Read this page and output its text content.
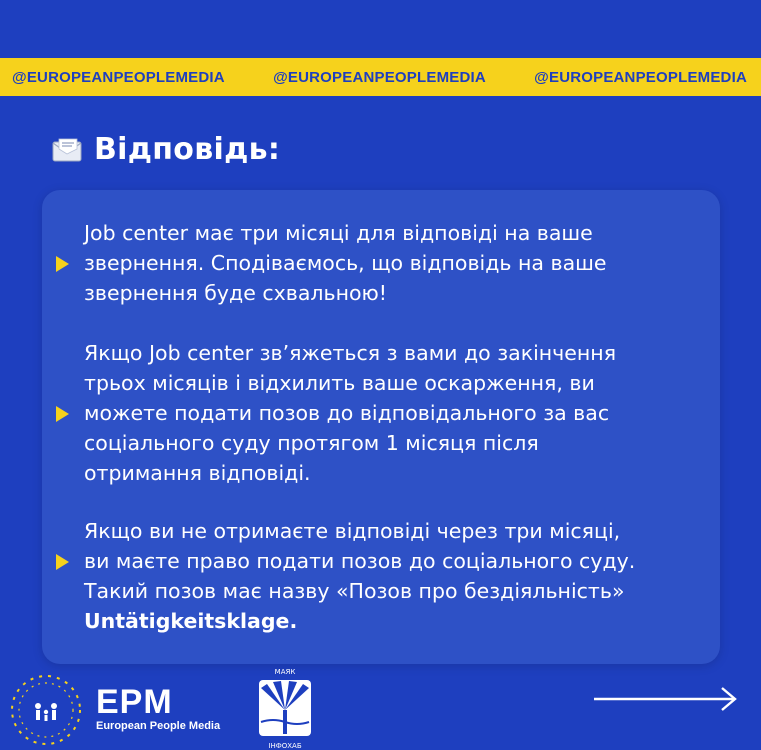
@EUROPEANPEOPLEMEDIA	@EUROPEANPEOPLEMEDIA	@EUROPEANPEOPLEMEDIA
Відповідь:

Job center має три місяці для відповіді на ваше
звернення. Сподіваємось, що відповідь на ваше
звернення буде схвальною!

Якщо Job center зв’яжеться з вами до закінчення
трьох місяців і відхилить ваше оскарження, ви
можете подати позов до відповідального за вас
соціального суду протягом 1 місяця після
отримання відповіді.

Якщо ви не отримаєте відповіді через три місяці,
ви маєте право подати позов до соціального суду.
Такий позов має назву «Позов про бездіяльність»
Untätigkeitsklage.

EPM
European People Media
МАЯК
ІНФОХАБ
